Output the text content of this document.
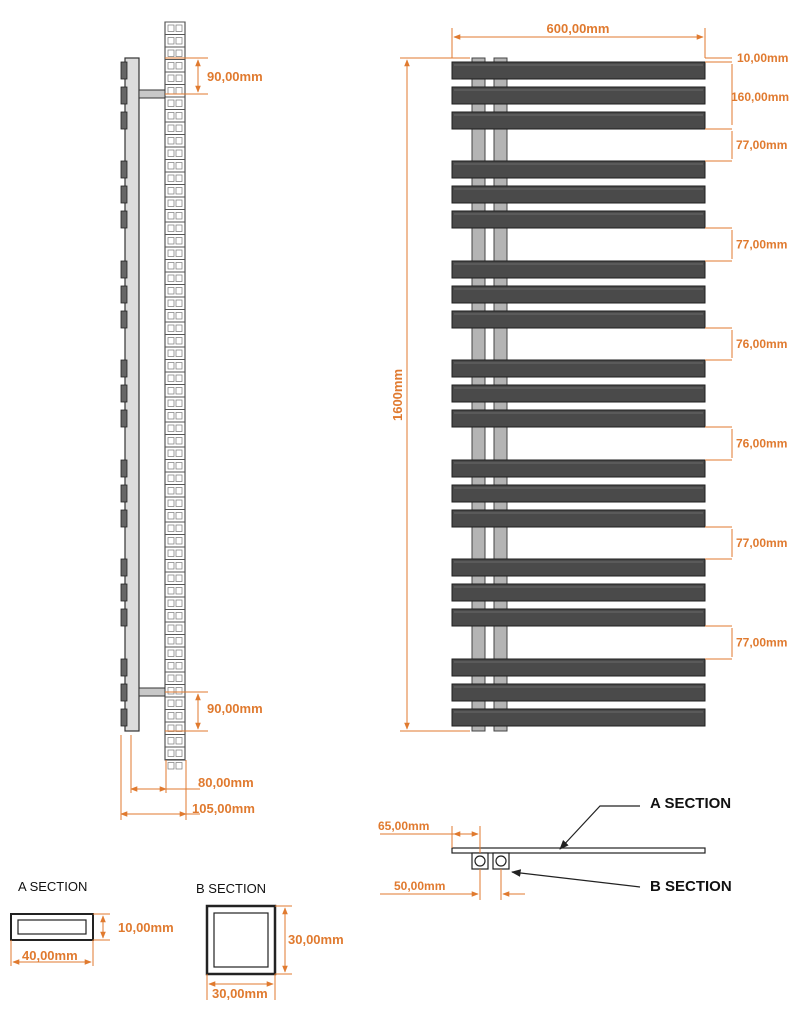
90,00mm
90,00mm
80,00mm
105,00mm
600,00mm
1600mm
10,00mm
160,00mm
77,00mm
77,00mm
76,00mm
76,00mm
77,00mm
77,00mm
65,00mm
50,00mm
A SECTION
B SECTION
A SECTION
10,00mm
40,00mm
B SECTION
30,00mm
30,00mm
